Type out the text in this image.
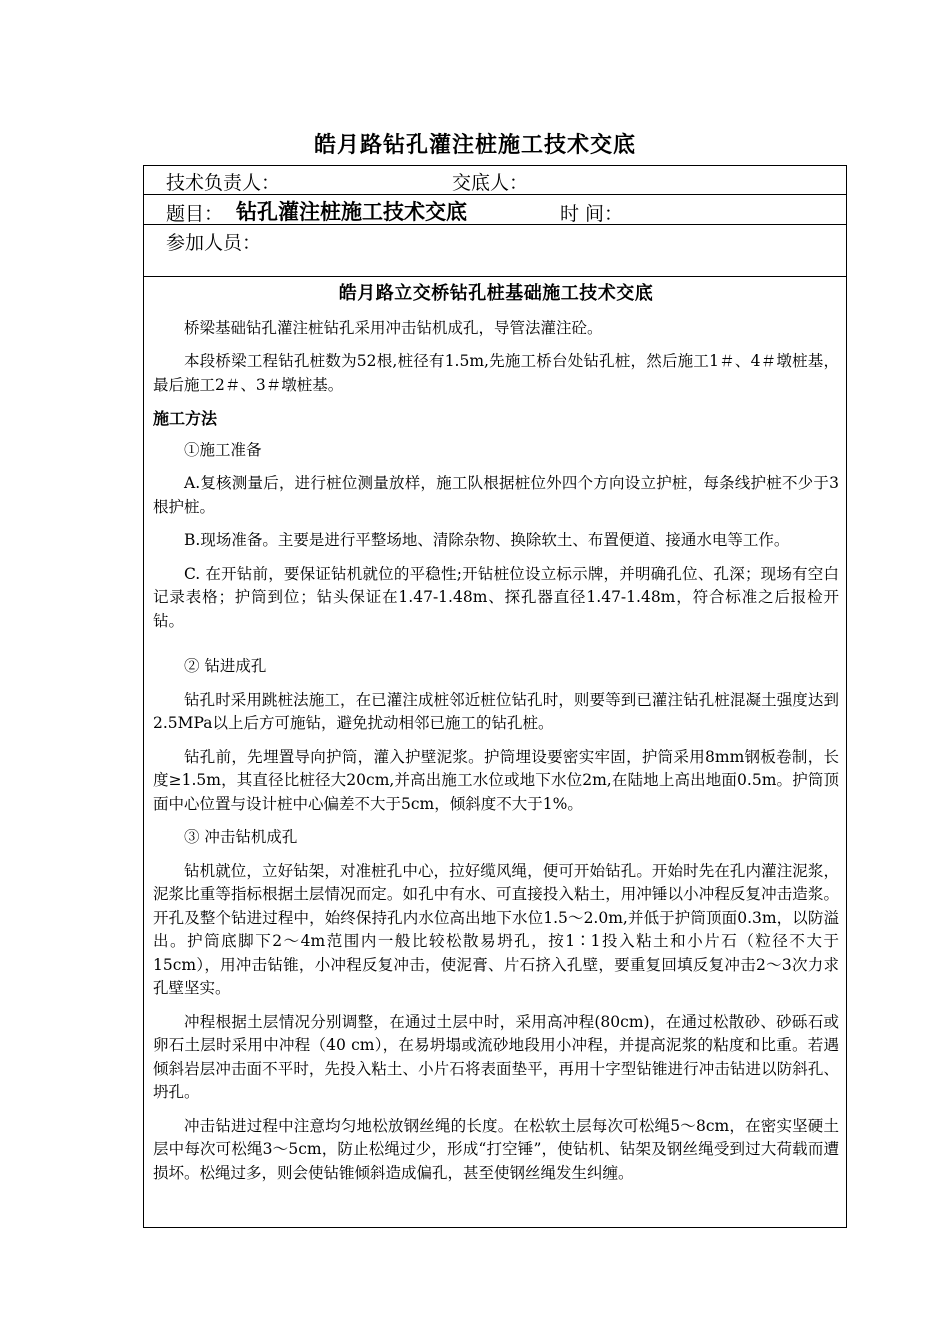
皓月路钻孔灌注桩施工技术交底
技术负责人：	交底人：
题目： 钻孔灌注桩施工技术交底	时 间：
参加人员：
皓月路立交桥钻孔桩基础施工技术交底

桥梁基础钻孔灌注桩钻孔采用冲击钻机成孔，导管法灌注砼。

本段桥梁工程钻孔桩数为52根,桩径有1.5m,先施工桥台处钻孔桩，然后施工1＃、4＃墩桩基，最后施工2＃、3＃墩桩基。

施工方法

①施工准备

A.复核测量后，进行桩位测量放样，施工队根据桩位外四个方向设立护桩，每条线护桩不少于3根护桩。

B.现场准备。主要是进行平整场地、清除杂物、换除软土、布置便道、接通水电等工作。

C. 在开钻前，要保证钻机就位的平稳性;开钻桩位设立标示牌，并明确孔位、孔深；现场有空白记录表格；护筒到位；钻头保证在1.47-1.48m、探孔器直径1.47-1.48m，符合标准之后报检开钻。

② 钻进成孔

钻孔时采用跳桩法施工，在已灌注成桩邻近桩位钻孔时，则要等到已灌注钻孔桩混凝土强度达到2.5MPa以上后方可施钻，避免扰动相邻已施工的钻孔桩。

钻孔前，先埋置导向护筒，灌入护壁泥浆。护筒埋设要密实牢固，护筒采用8mm钢板卷制，长度≥1.5m，其直径比桩径大20cm,并高出施工水位或地下水位2m,在陆地上高出地面0.5m。护筒顶面中心位置与设计桩中心偏差不大于5cm，倾斜度不大于1%。

③ 冲击钻机成孔

钻机就位，立好钻架，对准桩孔中心，拉好缆风绳，便可开始钻孔。开始时先在孔内灌注泥浆，泥浆比重等指标根据土层情况而定。如孔中有水、可直接投入粘土，用冲锤以小冲程反复冲击造浆。开孔及整个钻进过程中，始终保持孔内水位高出地下水位1.5～2.0m,并低于护筒顶面0.3m，以防溢出。护筒底脚下2～4m范围内一般比较松散易坍孔，按1∶1投入粘土和小片石（粒径不大于15cm），用冲击钻锥，小冲程反复冲击，使泥膏、片石挤入孔壁，要重复回填反复冲击2～3次力求孔壁坚实。

冲程根据土层情况分别调整，在通过土层中时，采用高冲程(80cm)，在通过松散砂、砂砾石或卵石土层时采用中冲程（40 cm），在易坍塌或流砂地段用小冲程，并提高泥浆的粘度和比重。若遇倾斜岩层冲击面不平时，先投入粘土、小片石将表面垫平，再用十字型钻锥进行冲击钻进以防斜孔、坍孔。

冲击钻进过程中注意均匀地松放钢丝绳的长度。在松软土层每次可松绳5～8cm，在密实坚硬土层中每次可松绳3～5cm，防止松绳过少，形成“打空锤”，使钻机、钻架及钢丝绳受到过大荷载而遭损坏。松绳过多，则会使钻锥倾斜造成偏孔，甚至使钢丝绳发生纠缠。
